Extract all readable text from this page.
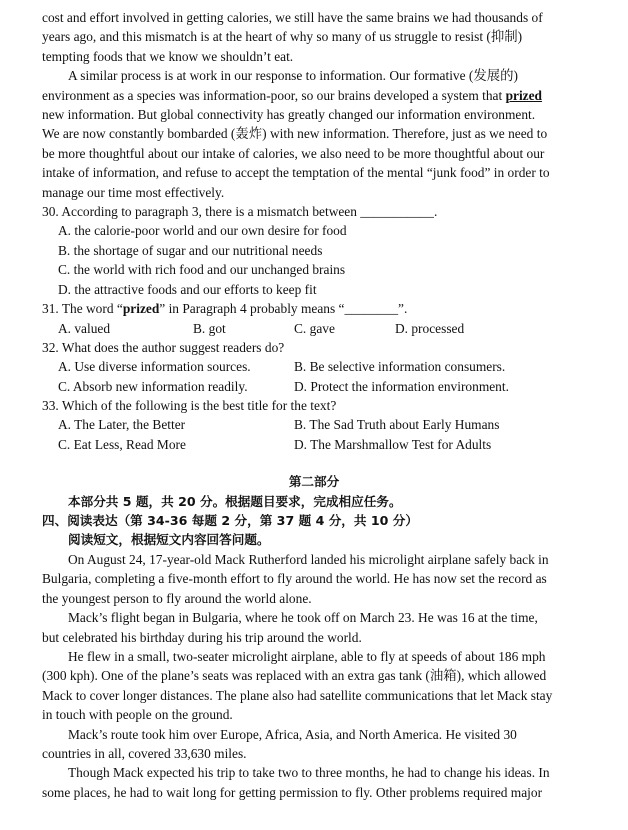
cost and effort involved in getting calories, we still have the same brains we had thousands of
years ago, and this mismatch is at the heart of why so many of us struggle to resist (抑制)
tempting foods that we know we shouldn’t eat.
A similar process is at work in our response to information. Our formative (发展的)
environment as a species was information-poor, so our brains developed a system that prized
new information. But global connectivity has greatly changed our information environment.
We are now constantly bombarded (轰炸) with new information. Therefore, just as we need to
be more thoughtful about our intake of calories, we also need to be more thoughtful about our
intake of information, and refuse to accept the temptation of the mental “junk food” in order to
manage our time most effectively.
30. According to paragraph 3, there is a mismatch between ___________.
A. the calorie-poor world and our own desire for food
B. the shortage of sugar and our nutritional needs
C. the world with rich food and our unchanged brains
D. the attractive foods and our efforts to keep fit
31. The word “prized” in Paragraph 4 probably means “________”.
A. valued	B. got	C. gave	D. processed
32. What does the author suggest readers do?
A. Use diverse information sources.	B. Be selective information consumers.
C. Absorb new information readily.	D. Protect the information environment.
33. Which of the following is the best title for the text?
A. The Later, the Better	B. The Sad Truth about Early Humans
C. Eat Less, Read More	D. The Marshmallow Test for Adults
第二部分
本部分共 5 题，共 20 分。根据题目要求，完成相应任务。
四、阅读表达（第 34-36 每题 2 分，第 37 题 4 分，共 10 分）
阅读短文，根据短文内容回答问题。
On August 24, 17-year-old Mack Rutherford landed his microlight airplane safely back in
Bulgaria, completing a five-month effort to fly around the world. He has now set the record as
the youngest person to fly around the world alone.
Mack’s flight began in Bulgaria, where he took off on March 23. He was 16 at the time,
but celebrated his birthday during his trip around the world.
He flew in a small, two-seater microlight airplane, able to fly at speeds of about 186 mph
(300 kph). One of the plane’s seats was replaced with an extra gas tank (油箱), which allowed
Mack to cover longer distances. The plane also had satellite communications that let Mack stay
in touch with people on the ground.
Mack’s route took him over Europe, Africa, Asia, and North America. He visited 30
countries in all, covered 33,630 miles.
Though Mack expected his trip to take two to three months, he had to change his ideas. In
some places, he had to wait long for getting permission to fly. Other problems required major
